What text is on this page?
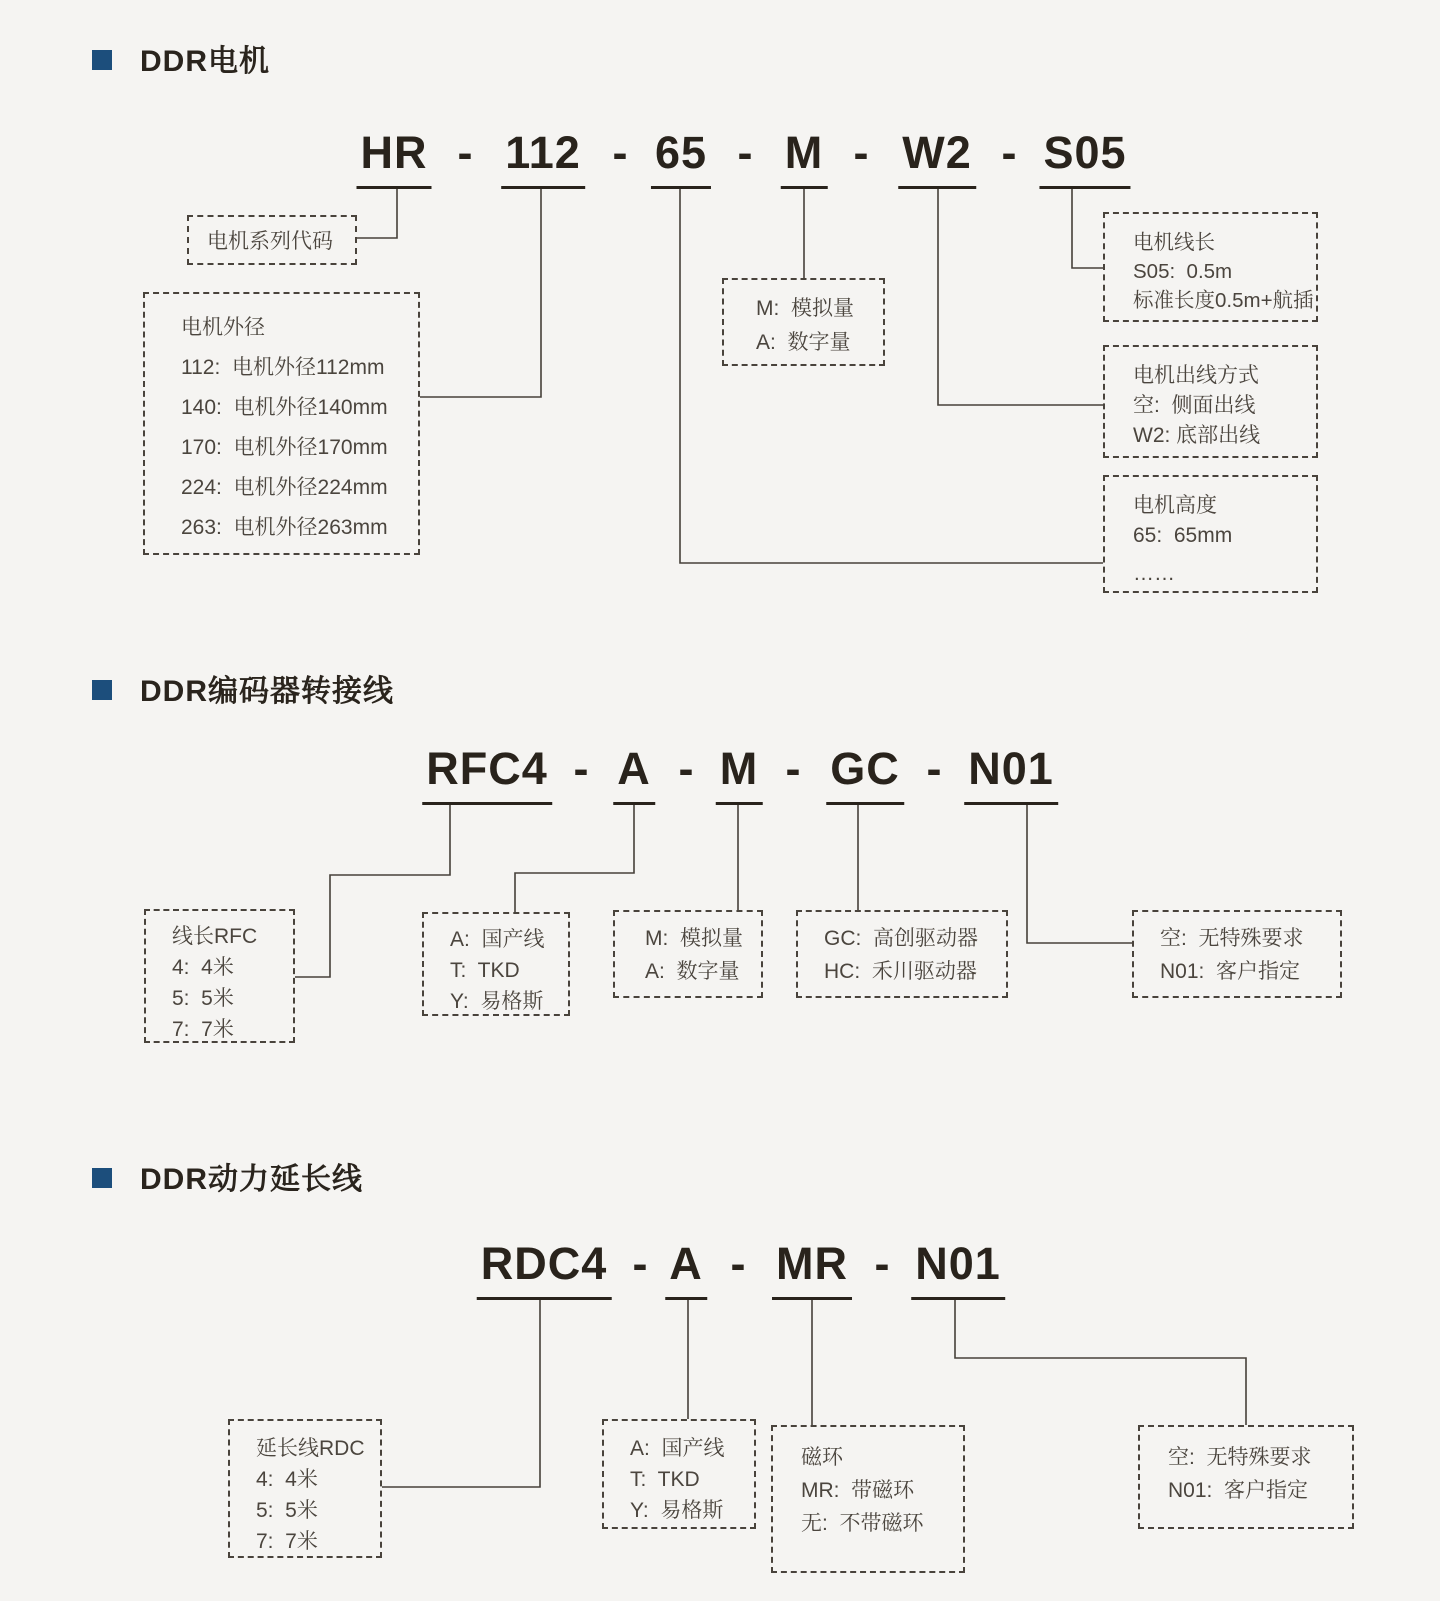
DDR电机
HR - 112 - 65 - M - W2 - S05
电机系列代码
电机外径
112:  电机外径112mm
140:  电机外径140mm
170:  电机外径170mm
224:  电机外径224mm
263:  电机外径263mm
M:  模拟量
A:  数字量
电机线长
S05:  0.5m
标准长度0.5m+航插
电机出线方式
空:  侧面出线
W2: 底部出线
电机高度
65:  65mm
……
DDR编码器转接线
RFC4 - A - M - GC - N01
线长RFC
4:  4米
5:  5米
7:  7米
A:  国产线
T:  TKD
Y:  易格斯
M:  模拟量
A:  数字量
GC:  高创驱动器
HC:  禾川驱动器
空:  无特殊要求
N01:  客户指定
DDR动力延长线
RDC4 - A - MR - N01
延长线RDC
4:  4米
5:  5米
7:  7米
A:  国产线
T:  TKD
Y:  易格斯
磁环
MR:  带磁环
无:  不带磁环
空:  无特殊要求
N01:  客户指定
